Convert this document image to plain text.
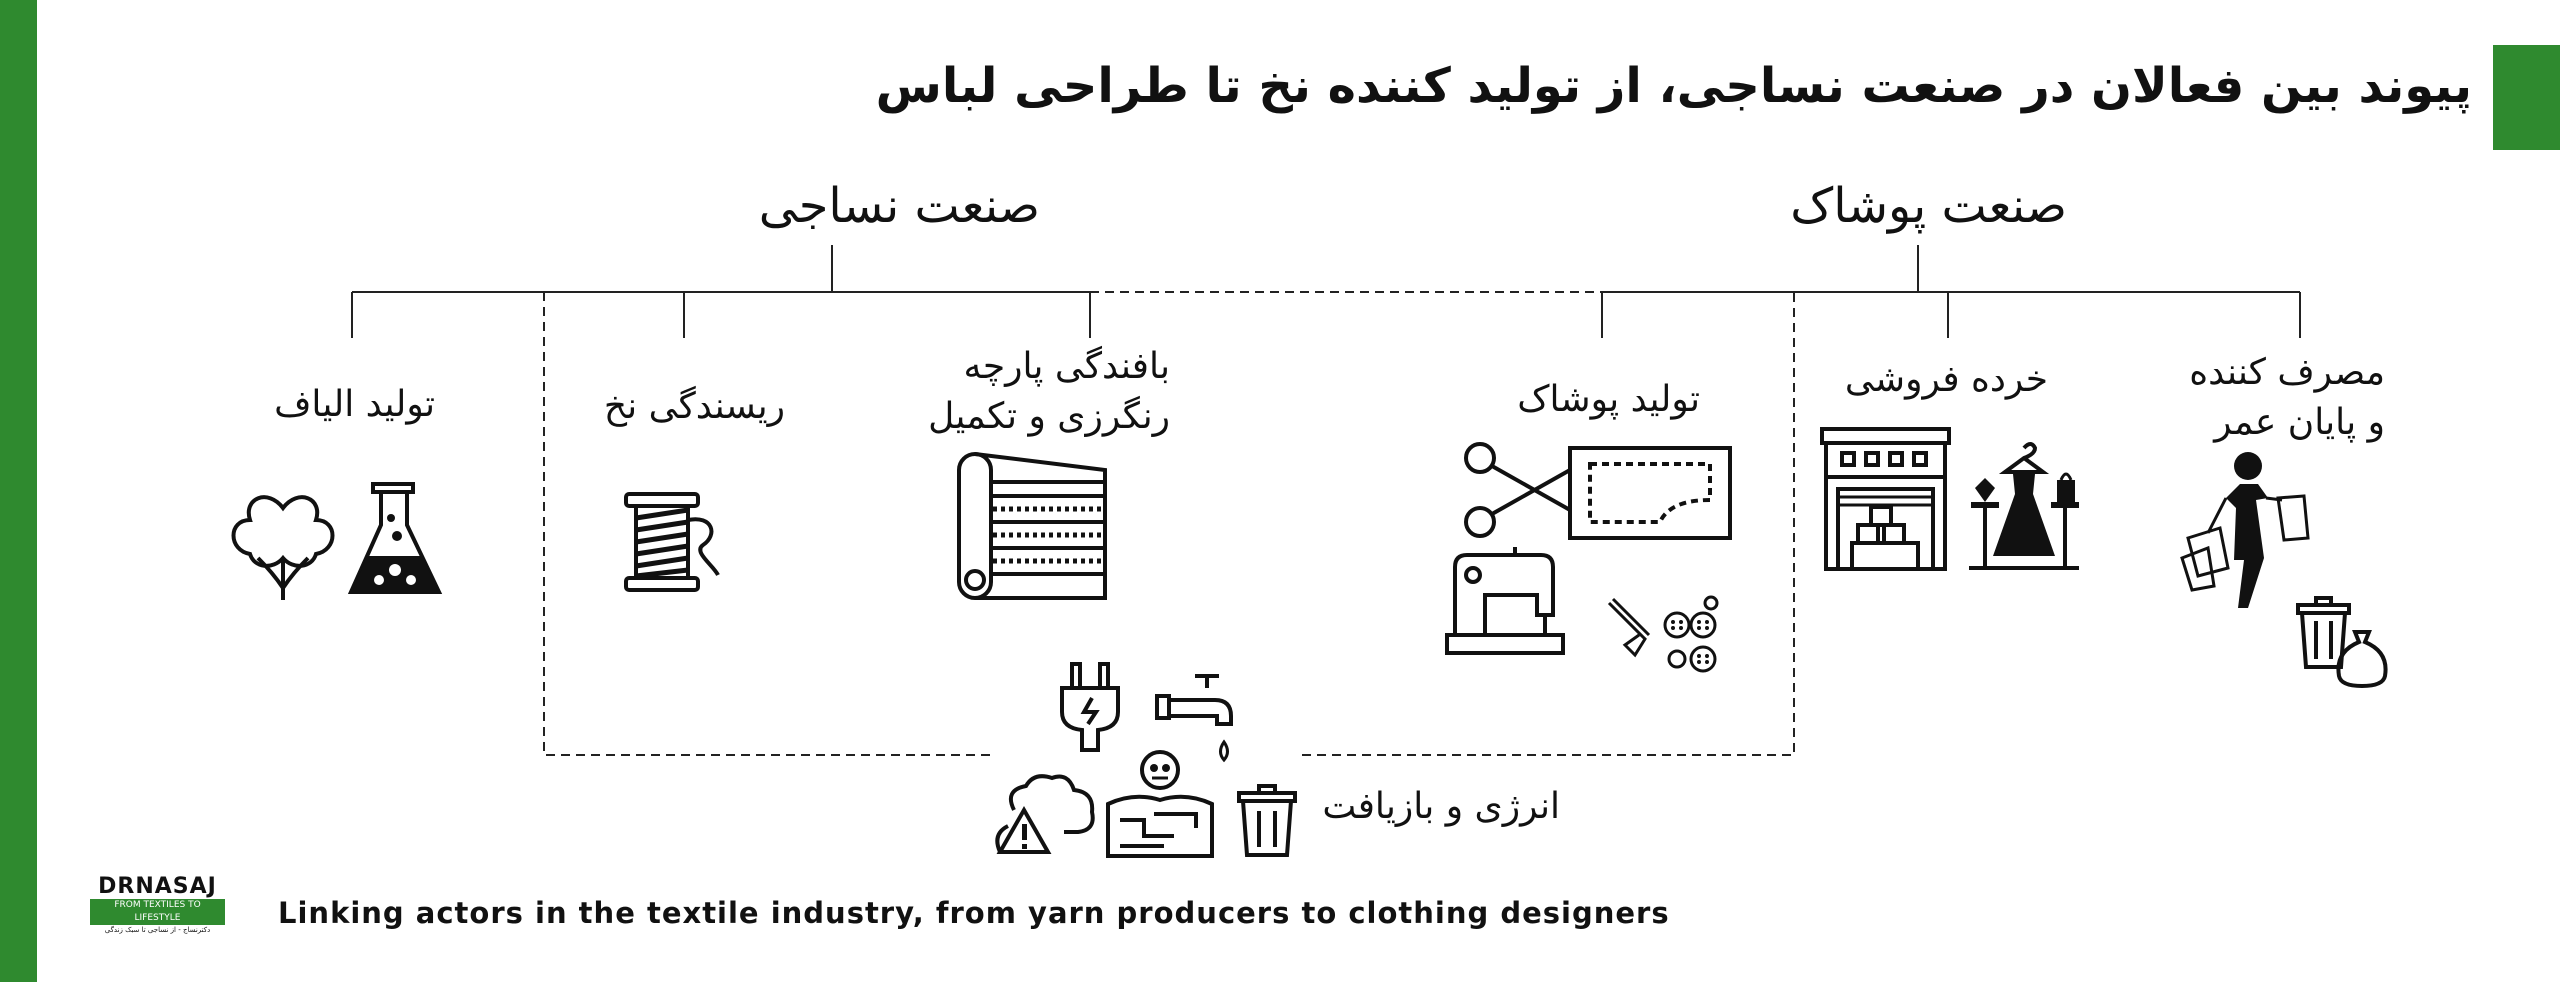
پیوند بین فعالان در صنعت نساجی، از تولید کننده نخ تا طراحی لباس
صنعت نساجی	صنعت پوشاک
تولید الیاف	ریسندگی نخ
بافندگی پارچه
رنگرزی و تکمیل	تولید پوشاک	خرده فروشی	مصرف کننده
و پایان عمر
انرژی و بازیافت
DRNASAJ
FROM TEXTILES TO LIFESTYLE
دکترنساج - از نساجی تا سبک زندگی	Linking actors in the textile industry, from yarn producers to clothing designers
